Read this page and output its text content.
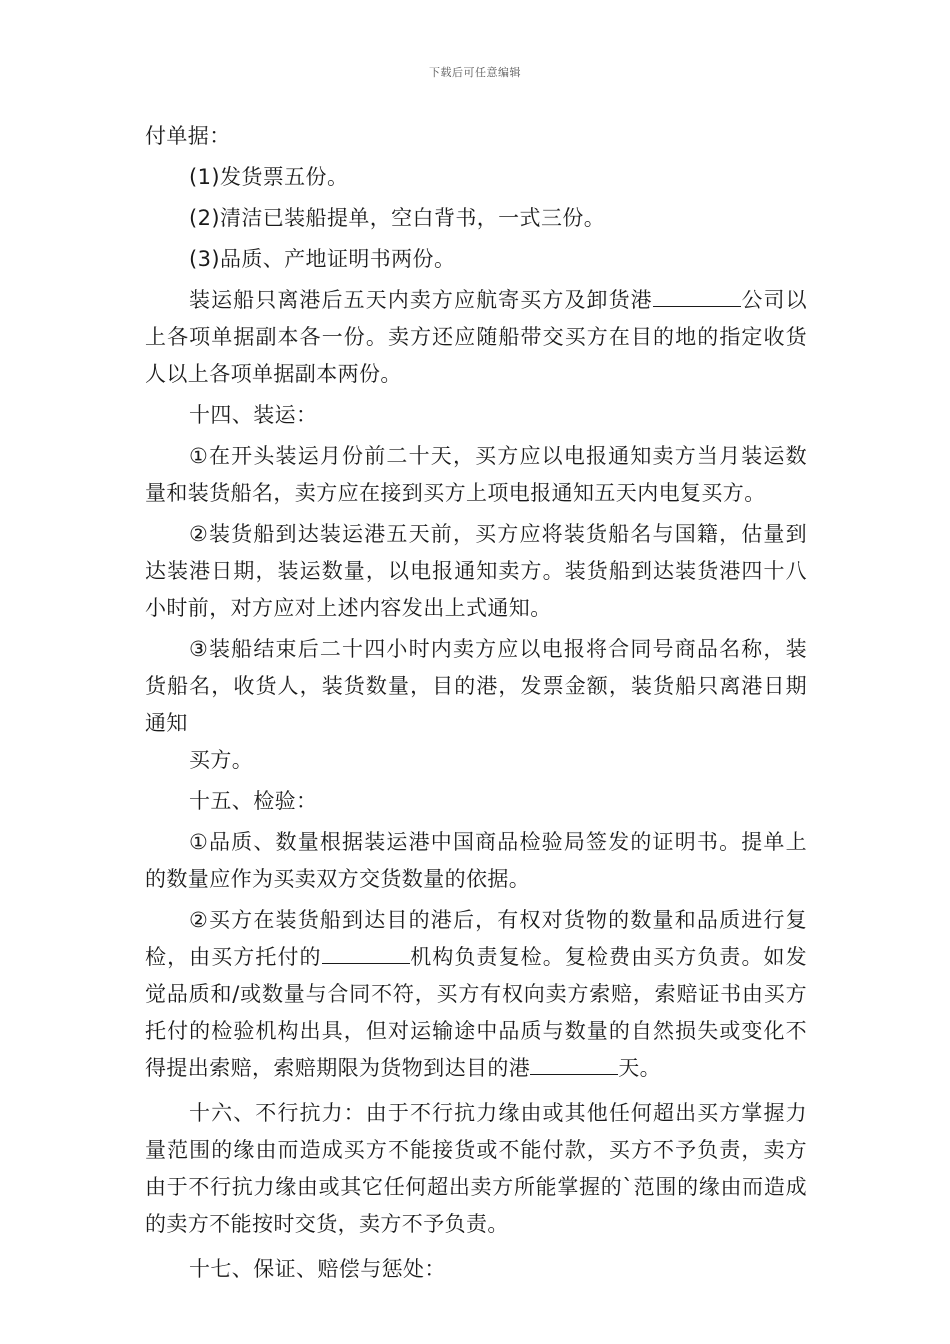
下载后可任意编辑

付单据：

(1)发货票五份。

(2)清洁已装船提单，空白背书，一式三份。

(3)品质、产地证明书两份。

装运船只离港后五天内卖方应航寄买方及卸货港	公司以上各项单据副本各一份。卖方还应随船带交买方在目的地的指定收货人以上各项单据副本两份。

十四、装运：

①在开头装运月份前二十天，买方应以电报通知卖方当月装运数量和装货船名，卖方应在接到买方上项电报通知五天内电复买方。

②装货船到达装运港五天前，买方应将装货船名与国籍，估量到达装港日期，装运数量，以电报通知卖方。装货船到达装货港四十八小时前，对方应对上述内容发出上式通知。

③装船结束后二十四小时内卖方应以电报将合同号商品名称，装货船名，收货人，装货数量，目的港，发票金额，装货船只离港日期通知

买方。

十五、检验：

①品质、数量根据装运港中国商品检验局签发的证明书。提单上的数量应作为买卖双方交货数量的依据。

②买方在装货船到达目的港后，有权对货物的数量和品质进行复检，由买方托付的	机构负责复检。复检费由买方负责。如发觉品质和/或数量与合同不符，买方有权向卖方索赔，索赔证书由买方托付的检验机构出具，但对运输途中品质与数量的自然损失或变化不得提出索赔，索赔期限为货物到达目的港	天。

十六、不行抗力：由于不行抗力缘由或其他任何超出买方掌握力量范围的缘由而造成买方不能接货或不能付款，买方不予负责，卖方由于不行抗力缘由或其它任何超出卖方所能掌握的`范围的缘由而造成的卖方不能按时交货，卖方不予负责。

十七、保证、赔偿与惩处：
